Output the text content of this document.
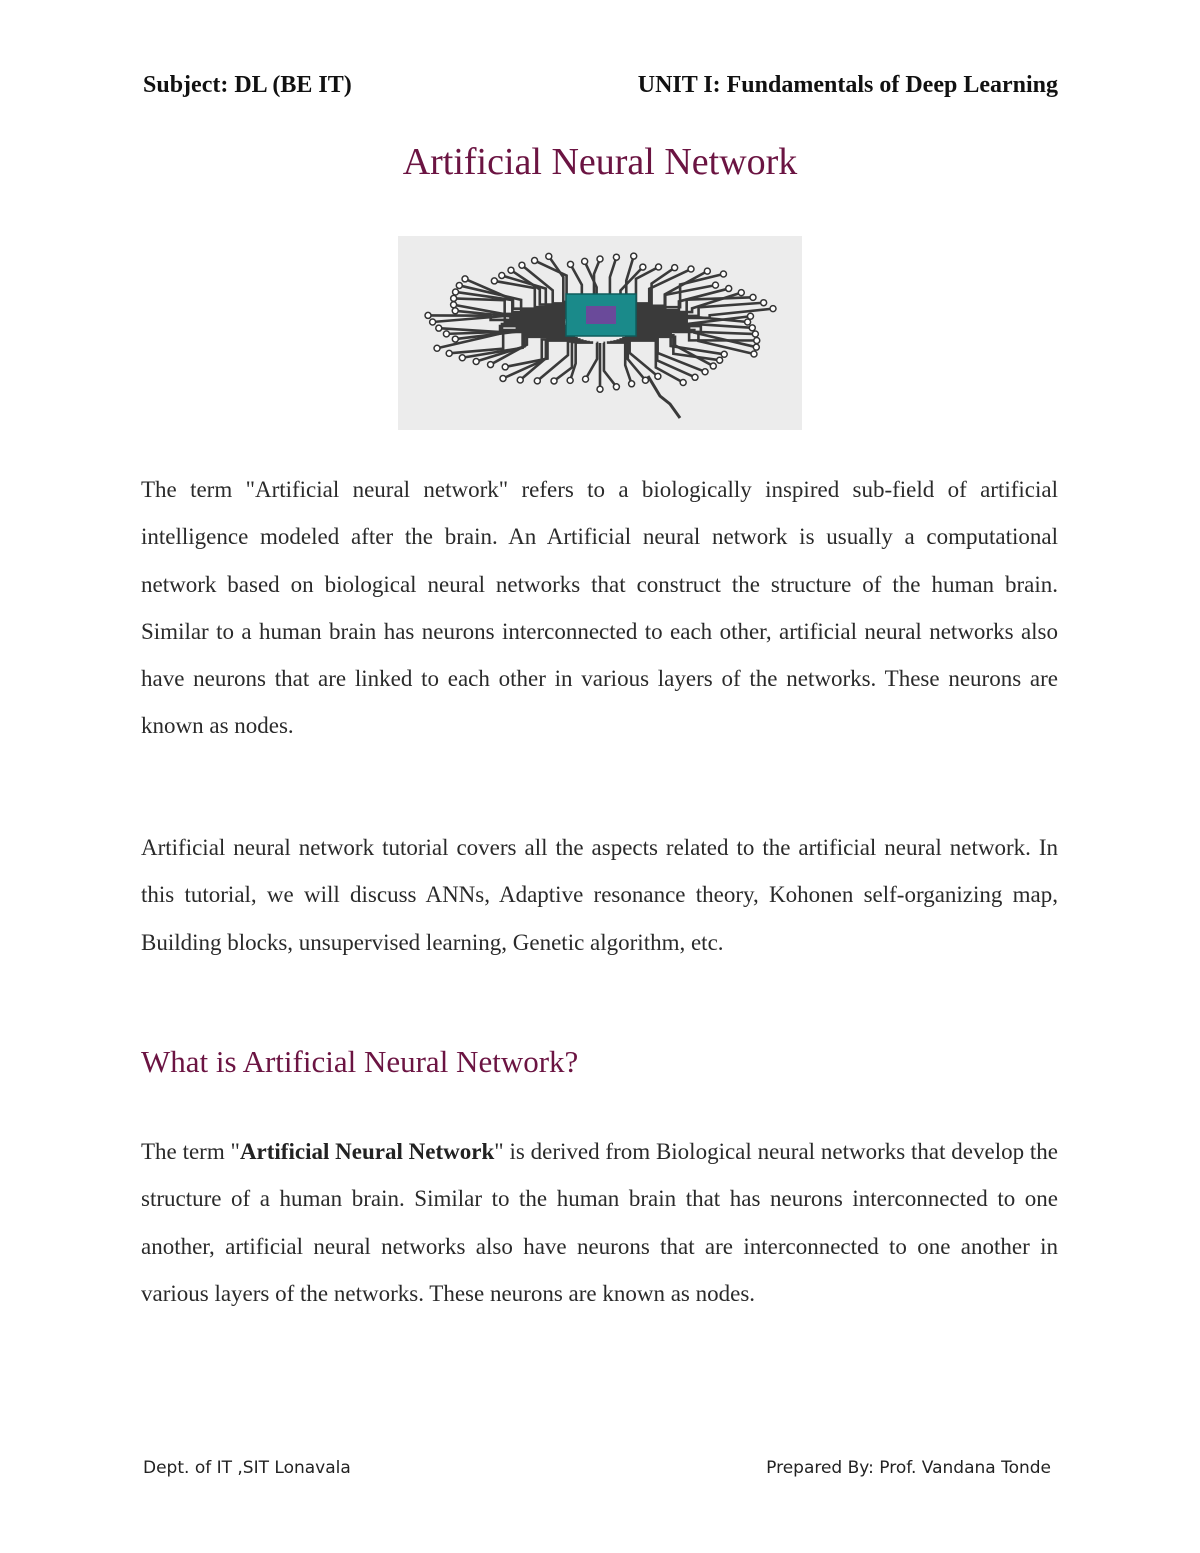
Subject: DL (BE IT)	UNIT I: Fundamentals of Deep Learning
Artificial Neural Network
The term "Artificial neural network" refers to a biologically inspired sub-field of artificial intelligence modeled after the brain. An Artificial neural network is usually a computational network based on biological neural networks that construct the structure of the human brain. Similar to a human brain has neurons interconnected to each other, artificial neural networks also have neurons that are linked to each other in various layers of the networks. These neurons are known as nodes.
Artificial neural network tutorial covers all the aspects related to the artificial neural network. In this tutorial, we will discuss ANNs, Adaptive resonance theory, Kohonen self-organizing map, Building blocks, unsupervised learning, Genetic algorithm, etc.
What is Artificial Neural Network?
The term "Artificial Neural Network" is derived from Biological neural networks that develop the structure of a human brain. Similar to the human brain that has neurons interconnected to one another, artificial neural networks also have neurons that are interconnected to one another in various layers of the networks. These neurons are known as nodes.
Dept. of IT ,SIT Lonavala	Prepared By: Prof. Vandana Tonde
